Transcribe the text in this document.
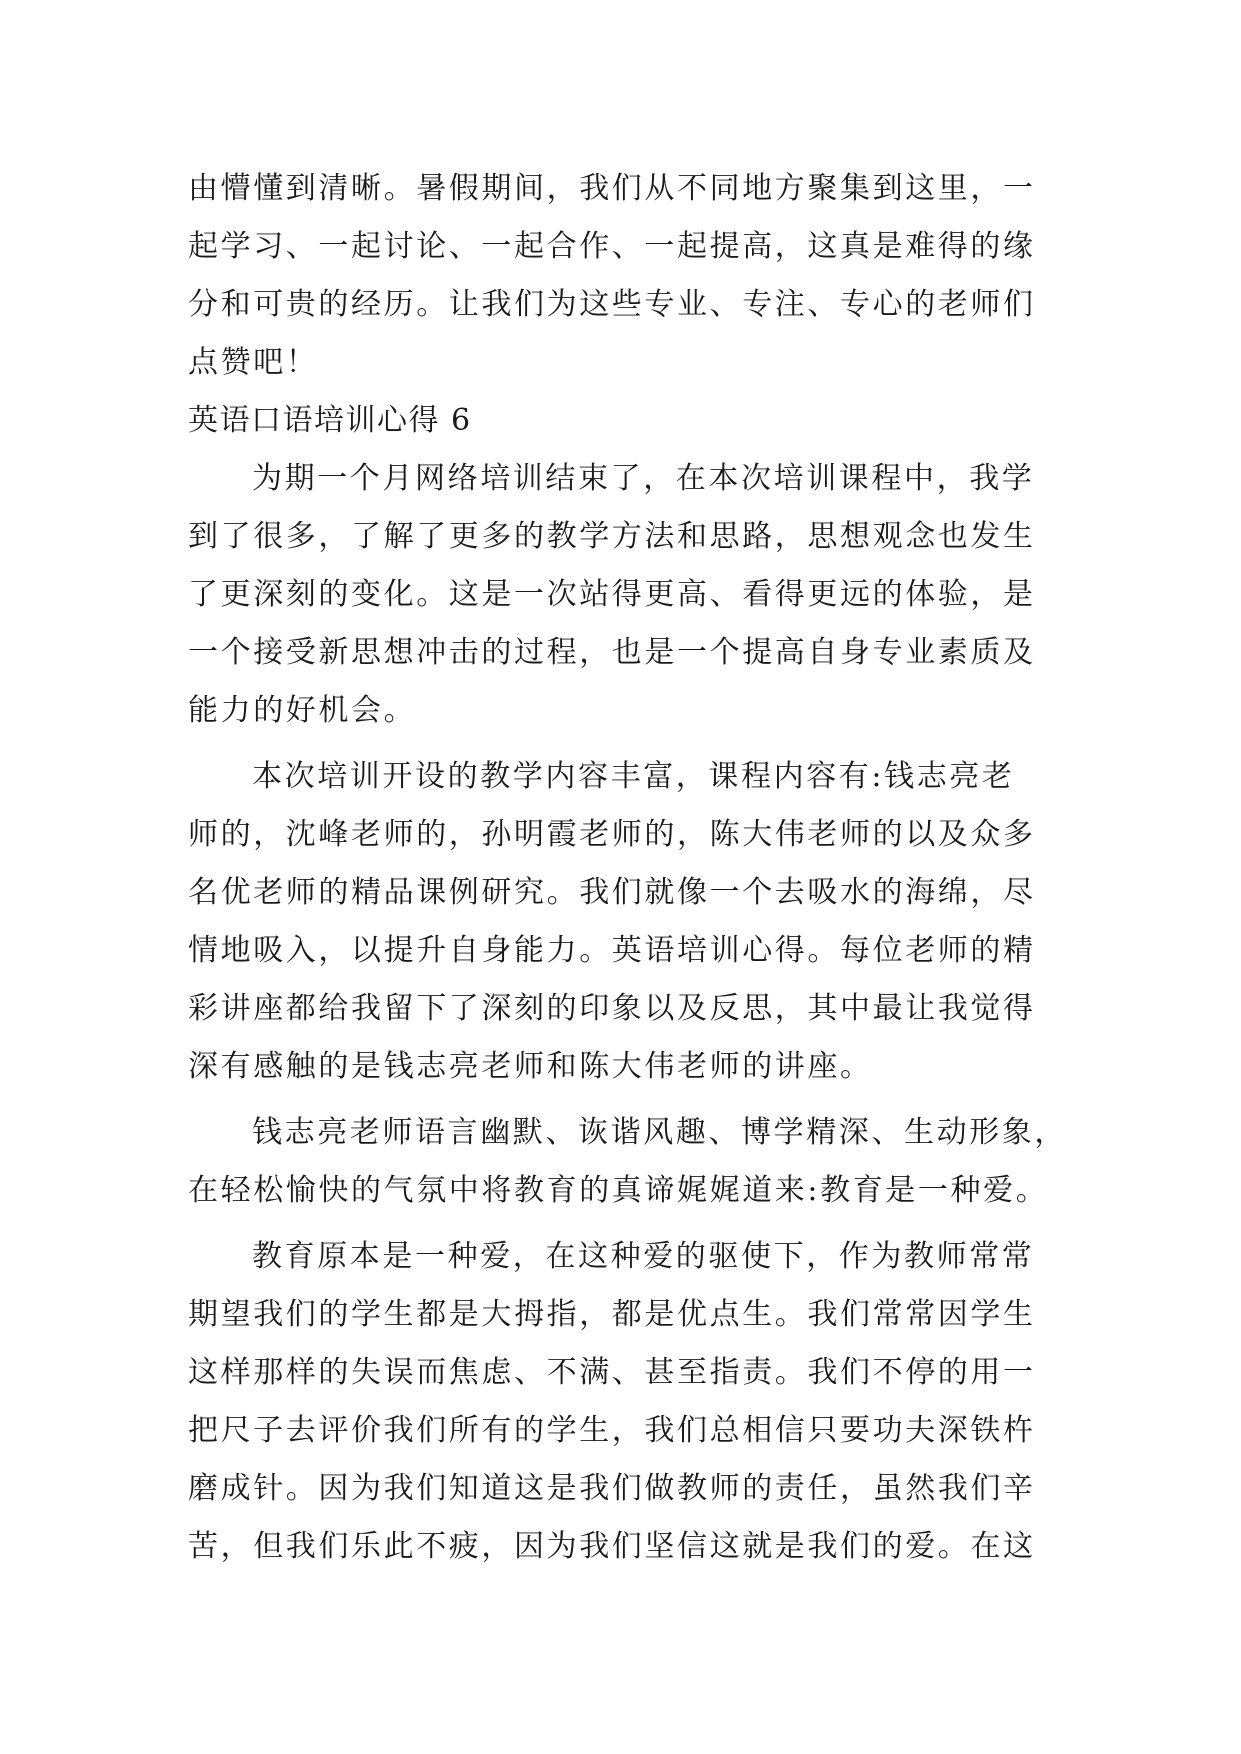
由懵懂到清晰。暑假期间，我们从不同地方聚集到这里，一
起学习、一起讨论、一起合作、一起提高，这真是难得的缘
分和可贵的经历。让我们为这些专业、专注、专心的老师们
点赞吧！
英语口语培训心得 6
为期一个月网络培训结束了，在本次培训课程中，我学
到了很多，了解了更多的教学方法和思路，思想观念也发生
了更深刻的变化。这是一次站得更高、看得更远的体验，是
一个接受新思想冲击的过程，也是一个提高自身专业素质及
能力的好机会。
本次培训开设的教学内容丰富，课程内容有:钱志亮老
师的，沈峰老师的，孙明霞老师的，陈大伟老师的以及众多
名优老师的精品课例研究。我们就像一个去吸水的海绵，尽
情地吸入，以提升自身能力。英语培训心得。每位老师的精
彩讲座都给我留下了深刻的印象以及反思，其中最让我觉得
深有感触的是钱志亮老师和陈大伟老师的讲座。
钱志亮老师语言幽默、诙谐风趣、博学精深、生动形象，
在轻松愉快的气氛中将教育的真谛娓娓道来:教育是一种爱。
教育原本是一种爱，在这种爱的驱使下，作为教师常常
期望我们的学生都是大拇指，都是优点生。我们常常因学生
这样那样的失误而焦虑、不满、甚至指责。我们不停的用一
把尺子去评价我们所有的学生，我们总相信只要功夫深铁杵
磨成针。因为我们知道这是我们做教师的责任，虽然我们辛
苦，但我们乐此不疲，因为我们坚信这就是我们的爱。在这
